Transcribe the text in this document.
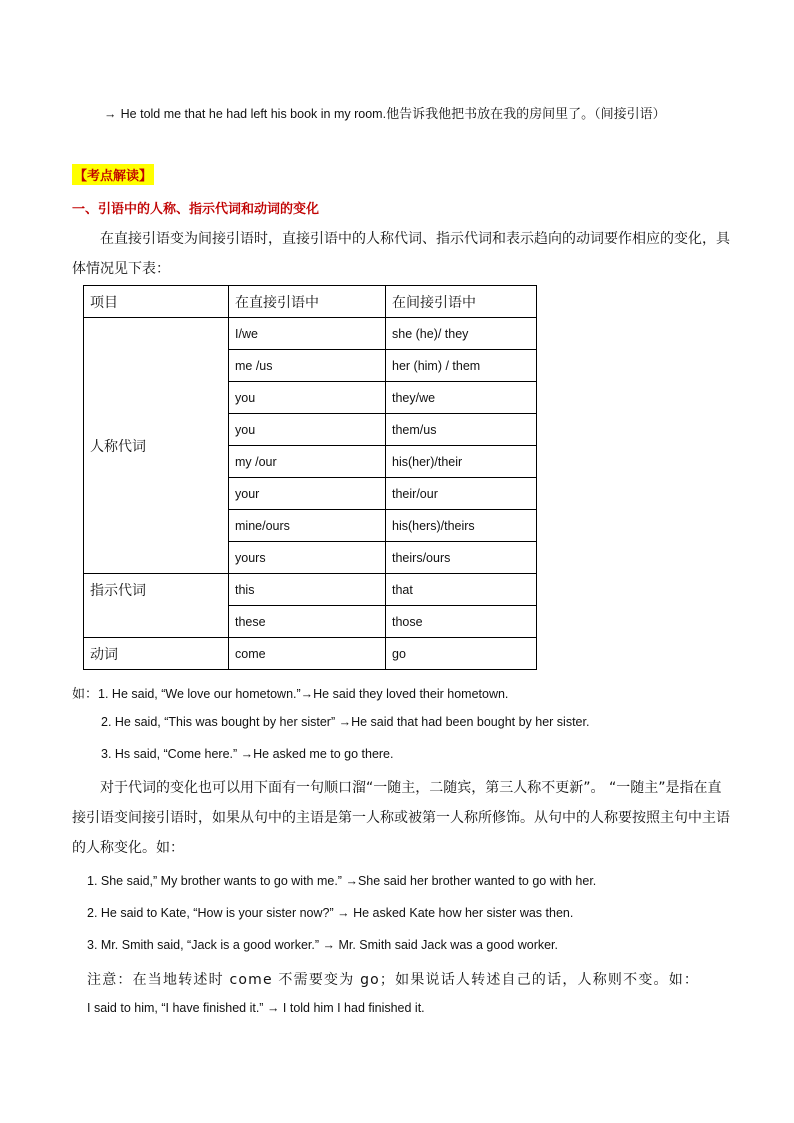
→ He told me that he had left his book in my room.他告诉我他把书放在我的房间里了。（间接引语）
【考点解读】
一、引语中的人称、指示代词和动词的变化
在直接引语变为间接引语时，直接引语中的人称代词、指示代词和表示趋向的动词要作相应的变化，具体情况见下表：
项目	在直接引语中	在间接引语中
人称代词	I/we	she (he)/ they
	me /us	her (him) / them
	you	they/we
	you	them/us
	my /our	his(her)/their
	your	their/our
	mine/ours	his(hers)/theirs
	yours	theirs/ours
指示代词	this	that
	these	those
动词	come	go
如：1. He said, “We love our hometown.”→He said they loved their hometown.
2. He said, “This was bought by her sister” →He said that had been bought by her sister.
3. Hs said, “Come here.” →He asked me to go there.
对于代词的变化也可以用下面有一句顺口溜“一随主，二随宾，第三人称不更新”。 “一随主”是指在直接引语变间接引语时，如果从句中的主语是第一人称或被第一人称所修饰。从句中的人称要按照主句中主语的人称变化。如：
1. She said,” My brother wants to go with me.” →She said her brother wanted to go with her.
2. He said to Kate, “How is your sister now?” → He asked Kate how her sister was then.
3. Mr. Smith said, “Jack is a good worker.” → Mr. Smith said Jack was a good worker.
注意：在当地转述时 come 不需要变为 go；如果说话人转述自己的话，人称则不变。如：
I said to him, “I have finished it.” → I told him I had finished it.
